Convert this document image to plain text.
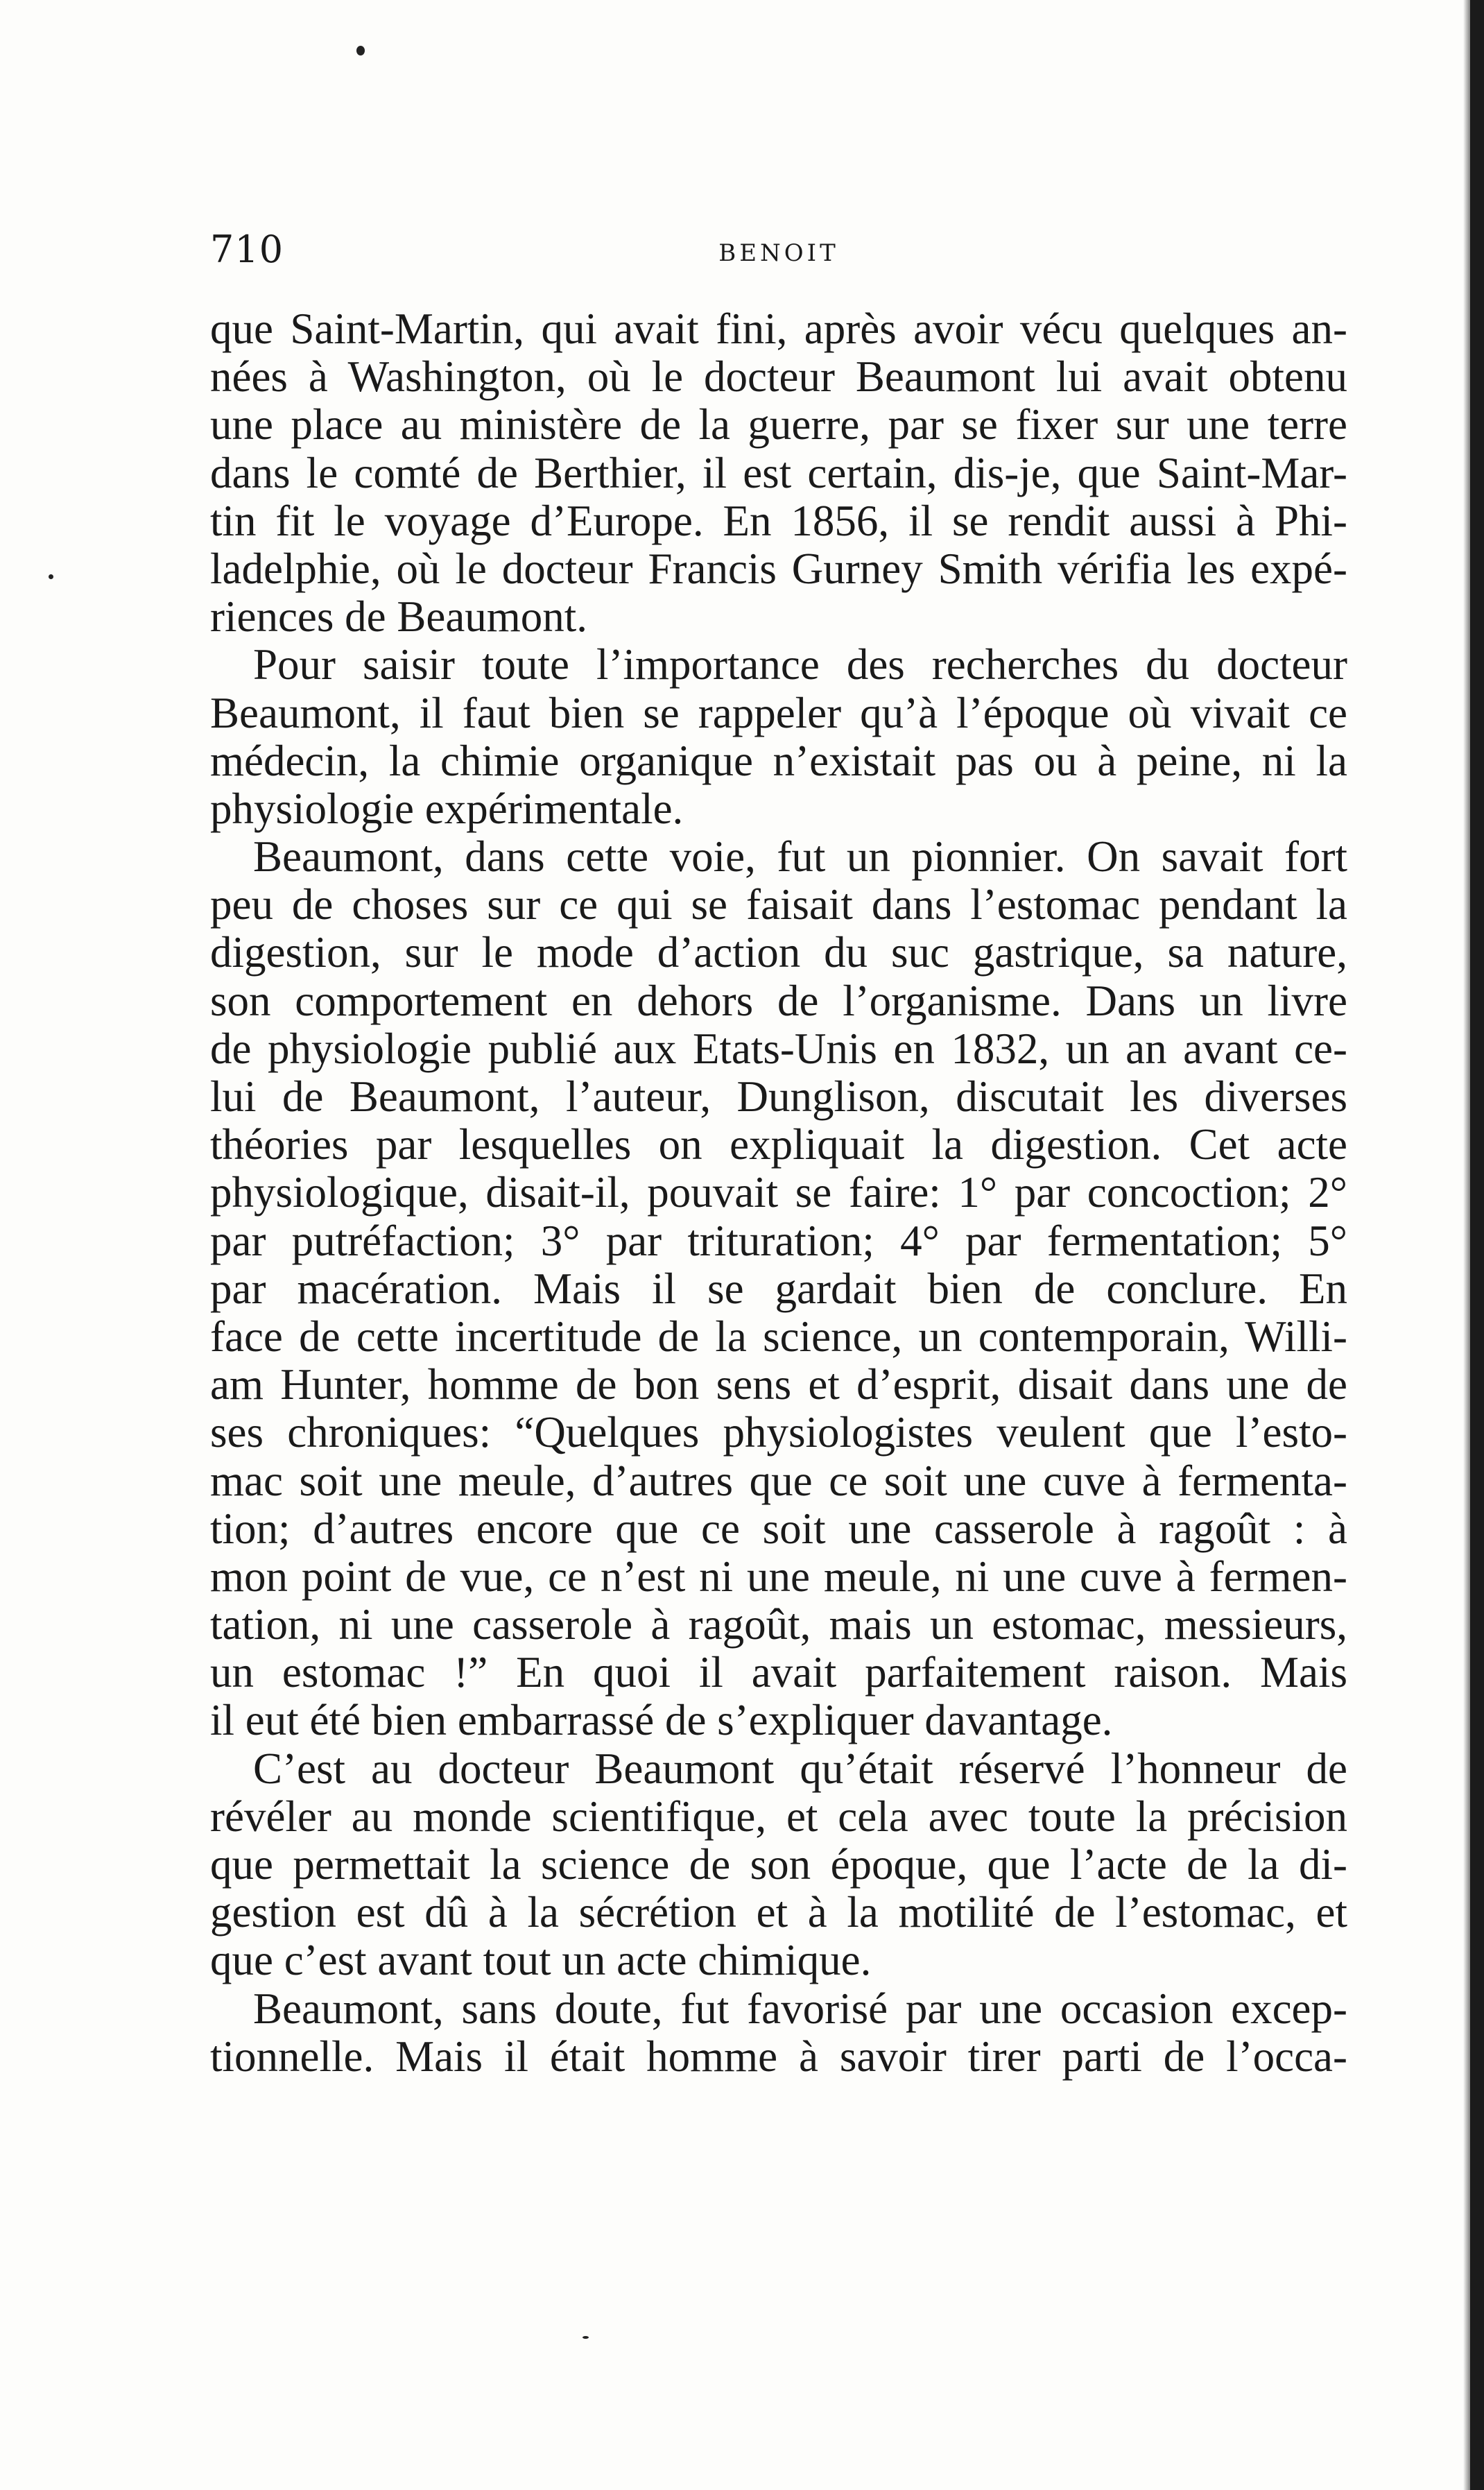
710	BENOIT

que Saint-Martin, qui avait fini, après avoir vécu quelques an-
nées à Washington, où le docteur Beaumont lui avait obtenu
une place au ministère de la guerre, par se fixer sur une terre
dans le comté de Berthier, il est certain, dis-je, que Saint-Mar-
tin fit le voyage d’Europe. En 1856, il se rendit aussi à Phi-
ladelphie, où le docteur Francis Gurney Smith vérifia les expé-
riences de Beaumont.

Pour saisir toute l’importance des recherches du docteur
Beaumont, il faut bien se rappeler qu’à l’époque où vivait ce
médecin, la chimie organique n’existait pas ou à peine, ni la
physiologie expérimentale.

Beaumont, dans cette voie, fut un pionnier. On savait fort
peu de choses sur ce qui se faisait dans l’estomac pendant la
digestion, sur le mode d’action du suc gastrique, sa nature,
son comportement en dehors de l’organisme. Dans un livre
de physiologie publié aux Etats-Unis en 1832, un an avant ce-
lui de Beaumont, l’auteur, Dunglison, discutait les diverses
théories par lesquelles on expliquait la digestion. Cet acte
physiologique, disait-il, pouvait se faire: 1° par concoction; 2°
par putréfaction; 3° par trituration; 4° par fermentation; 5°
par macération. Mais il se gardait bien de conclure. En
face de cette incertitude de la science, un contemporain, Willi-
am Hunter, homme de bon sens et d’esprit, disait dans une de
ses chroniques: “Quelques physiologistes veulent que l’esto-
mac soit une meule, d’autres que ce soit une cuve à fermenta-
tion; d’autres encore que ce soit une casserole à ragoût : à
mon point de vue, ce n’est ni une meule, ni une cuve à fermen-
tation, ni une casserole à ragoût, mais un estomac, messieurs,
un estomac !” En quoi il avait parfaitement raison. Mais
il eut été bien embarrassé de s’expliquer davantage.

C’est au docteur Beaumont qu’était réservé l’honneur de
révéler au monde scientifique, et cela avec toute la précision
que permettait la science de son époque, que l’acte de la di-
gestion est dû à la sécrétion et à la motilité de l’estomac, et
que c’est avant tout un acte chimique.

Beaumont, sans doute, fut favorisé par une occasion excep-
tionnelle. Mais il était homme à savoir tirer parti de l’occa-
